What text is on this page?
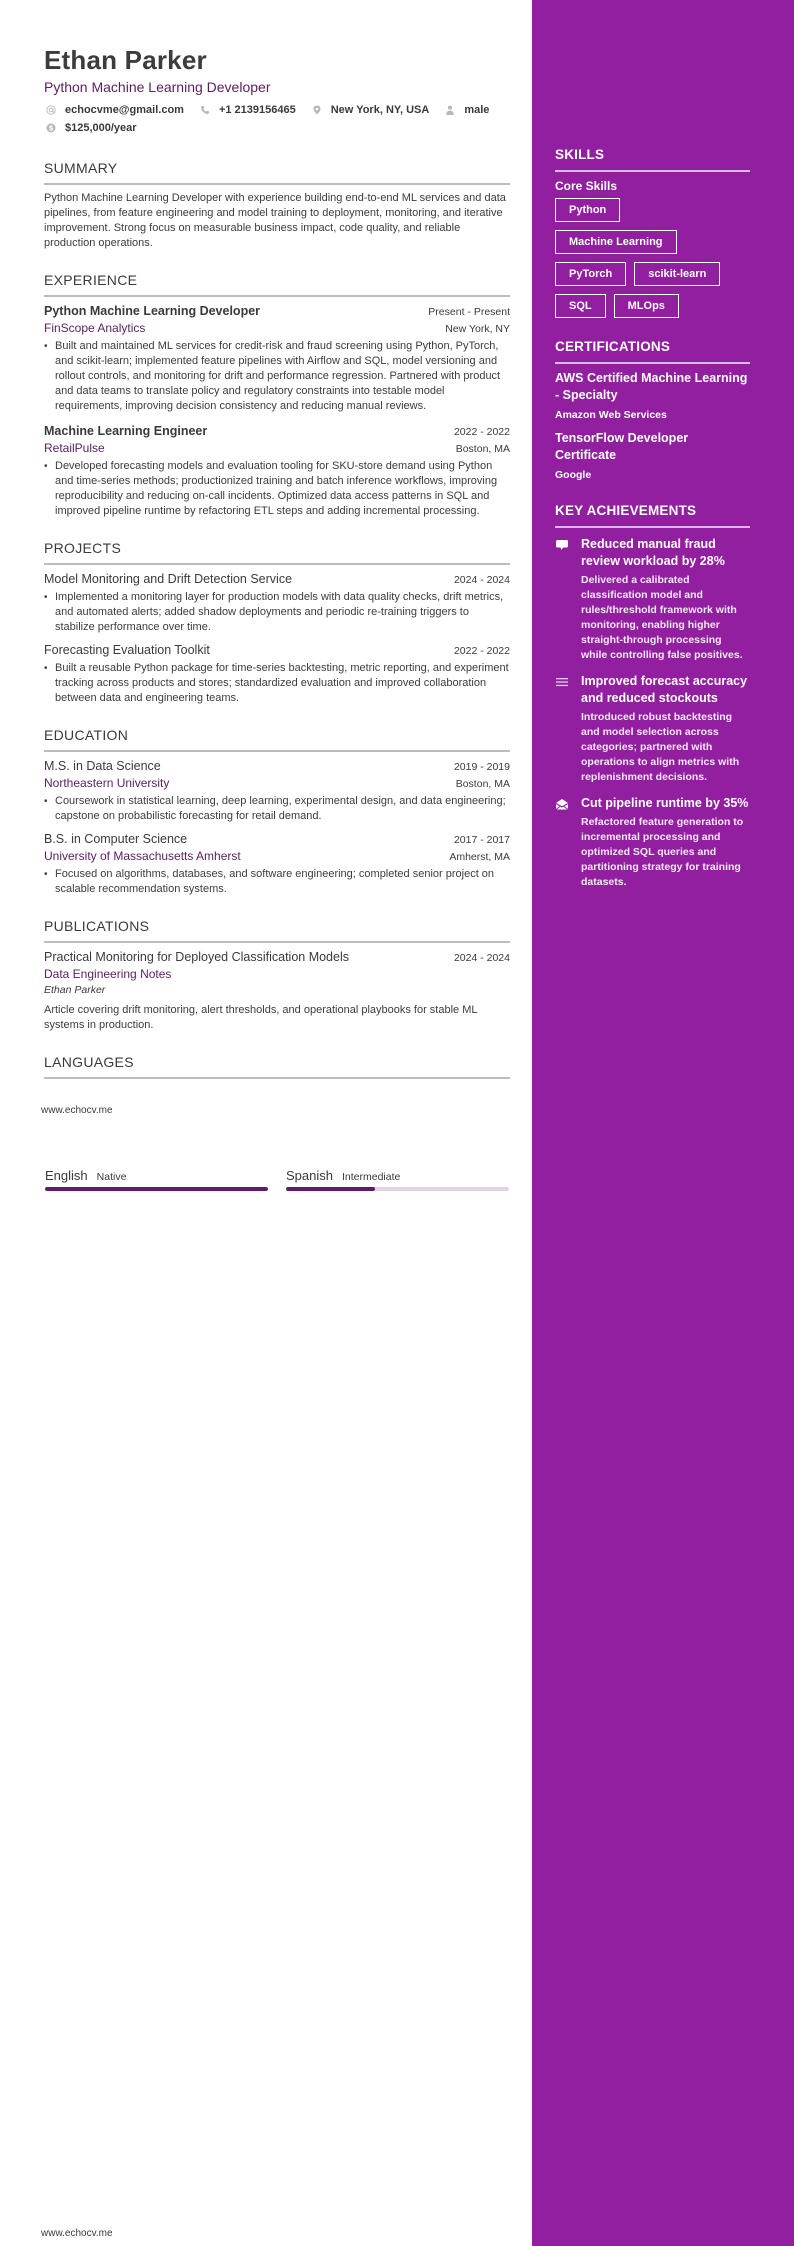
Ethan Parker
Python Machine Learning Developer
echocvme@gmail.com	+1 2139156465	New York, NY, USA	male
$ $125,000/year
SUMMARY

Python Machine Learning Developer with experience building end-to-end ML services and data pipelines, from feature engineering and model training to deployment, monitoring, and iterative improvement. Strong focus on measurable business impact, code quality, and reliable production operations.

EXPERIENCE
Python Machine Learning Developer	Present - Present
FinScope Analytics	New York, NY
• Built and maintained ML services for credit-risk and fraud screening using Python, PyTorch, and scikit-learn; implemented feature pipelines with Airflow and SQL, model versioning and rollout controls, and monitoring for drift and performance regression. Partnered with product and data teams to translate policy and regulatory constraints into testable model requirements, improving decision consistency and reducing manual reviews.
Machine Learning Engineer	2022 - 2022
RetailPulse	Boston, MA
• Developed forecasting models and evaluation tooling for SKU-store demand using Python and time-series methods; productionized training and batch inference workflows, improving reproducibility and reducing on-call incidents. Optimized data access patterns in SQL and improved pipeline runtime by refactoring ETL steps and adding incremental processing.
PROJECTS
Model Monitoring and Drift Detection Service	2024 - 2024
• Implemented a monitoring layer for production models with data quality checks, drift metrics, and automated alerts; added shadow deployments and periodic re-training triggers to stabilize performance over time.
Forecasting Evaluation Toolkit	2022 - 2022
• Built a reusable Python package for time-series backtesting, metric reporting, and experiment tracking across products and stores; standardized evaluation and improved collaboration between data and engineering teams.
EDUCATION
M.S. in Data Science	2019 - 2019
Northeastern University	Boston, MA
• Coursework in statistical learning, deep learning, experimental design, and data engineering; capstone on probabilistic forecasting for retail demand.
B.S. in Computer Science	2017 - 2017
University of Massachusetts Amherst	Amherst, MA
• Focused on algorithms, databases, and software engineering; completed senior project on scalable recommendation systems.
PUBLICATIONS
Practical Monitoring for Deployed Classification Models	2024 - 2024
Data Engineering Notes
Ethan Parker

Article covering drift monitoring, alert thresholds, and operational playbooks for stable ML systems in production.

LANGUAGES
www.echocv.me
English Native	Spanish Intermediate
www.echocv.me
SKILLS
Core Skills
Python
Machine Learning
PyTorch	scikit-learn
SQL	MLOps
CERTIFICATIONS
AWS Certified Machine Learning - Specialty
Amazon Web Services
TensorFlow Developer Certificate
Google
KEY ACHIEVEMENTS
Reduced manual fraud review workload by 28%
Delivered a calibrated classification model and rules/threshold framework with monitoring, enabling higher straight-through processing while controlling false positives.
Improved forecast accuracy and reduced stockouts
Introduced robust backtesting and model selection across categories; partnered with operations to align metrics with replenishment decisions.
Cut pipeline runtime by 35%
Refactored feature generation to incremental processing and optimized SQL queries and partitioning strategy for training datasets.
